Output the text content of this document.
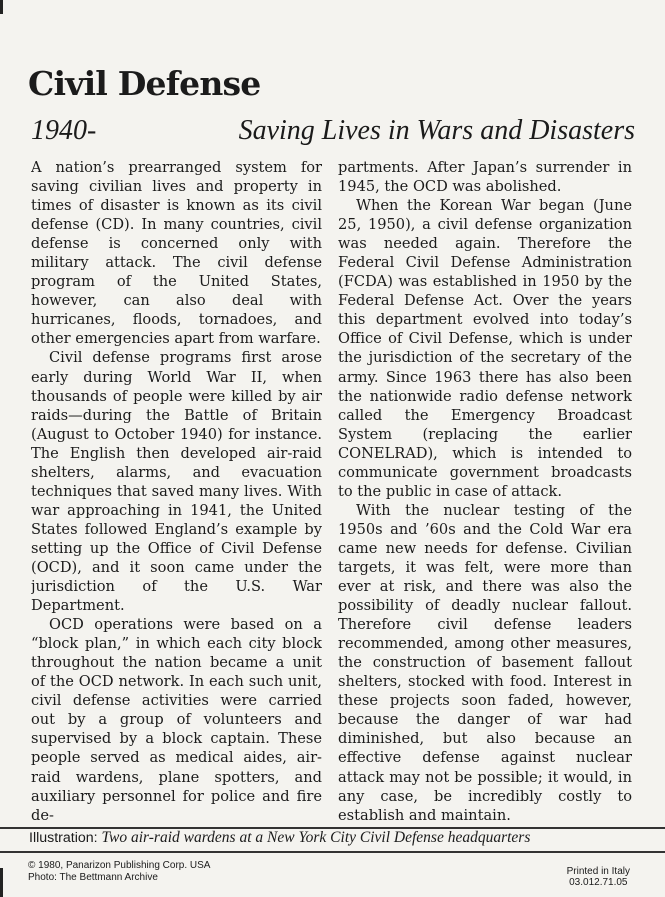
Civil Defense
1940-	Saving Lives in Wars and Disasters

A nation’s prearranged system for saving civilian lives and property in times of disaster is known as its civil defense (CD). In many countries, civil defense is concerned only with military attack. The civil defense program of the United States, however, can also deal with hurricanes, floods, tornadoes, and other emergencies apart from warfare.

Civil defense programs first arose early during World War II, when thousands of people were killed by air raids—during the Battle of Britain (August to October 1940) for instance. The English then developed air-raid shelters, alarms, and evacuation techniques that saved many lives. With war approaching in 1941, the United States followed England’s example by setting up the Office of Civil Defense (OCD), and it soon came under the jurisdiction of the U.S. War Department.

OCD operations were based on a “block plan,” in which each city block throughout the nation became a unit of the OCD network. In each such unit, civil defense activities were carried out by a group of volunteers and supervised by a block captain. These people served as medical aides, air-raid wardens, plane spotters, and auxiliary personnel for police and fire de-

partments. After Japan’s surrender in 1945, the OCD was abolished.

When the Korean War began (June 25, 1950), a civil defense organization was needed again. Therefore the Federal Civil Defense Administration (FCDA) was established in 1950 by the Federal Defense Act. Over the years this department evolved into today’s Office of Civil Defense, which is under the jurisdiction of the secretary of the army. Since 1963 there has also been the nationwide radio defense network called the Emergency Broadcast System (replacing the earlier CONELRAD), which is intended to communicate government broadcasts to the public in case of attack.

With the nuclear testing of the 1950s and ’60s and the Cold War era came new needs for defense. Civilian targets, it was felt, were more than ever at risk, and there was also the possibility of deadly nuclear fallout. Therefore civil defense leaders recommended, among other measures, the construction of basement fallout shelters, stocked with food. Interest in these projects soon faded, however, because the danger of war had diminished, but also because an effective defense against nuclear attack may not be possible; it would, in any case, be incredibly costly to establish and maintain.

Illustration: Two air-raid wardens at a New York City Civil Defense headquarters
© 1980, Panarizon Publishing Corp. USA
Photo: The Bettmann Archive
Printed in Italy
03.012.71.05
